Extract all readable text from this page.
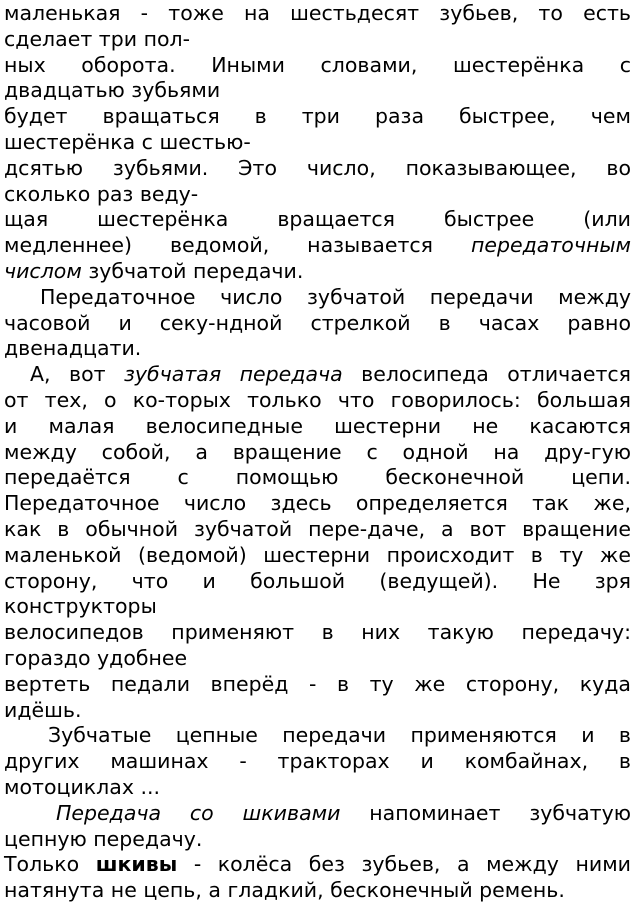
маленькая - тоже на шестьдесят зубьев, то есть
сделает три пол-
ных оборота. Иными словами, шестерёнка с
двадцатью зубьями
будет вращаться в три раза быстрее, чем
шестерёнка с шестью-
дсятью зубьями. Это число, показывающее, во
сколько раз веду-
щая шестерёнка вращается быстрее (или
медленнее) ведомой, называется передаточным
числом зубчатой передачи.
Передаточное число зубчатой передачи между
часовой и секу-ндной стрелкой в часах равно
двенадцати.
А, вот зубчатая передача велосипеда отличается
от тех, о ко-торых только что говорилось: большая
и малая велосипедные шестерни не касаются
между собой, а вращение с одной на дру-гую
передаётся с помощью бесконечной цепи.
Передаточное число здесь определяется так же,
как в обычной зубчатой пере-даче, а вот вращение
маленькой (ведомой) шестерни происходит в ту же
сторону, что и большой (ведущей). Не зря
конструкторы
велосипедов применяют в них такую передачу:
гораздо удобнее
вертеть педали вперёд - в ту же сторону, куда
идёшь.
Зубчатые цепные передачи применяются и в
других машинах - тракторах и комбайнах, в
мотоциклах ...
Передача со шкивами напоминает зубчатую
цепную передачу.
Только шкивы - колёса без зубьев, а между ними
натянута не цепь, а гладкий, бесконечный ремень.
